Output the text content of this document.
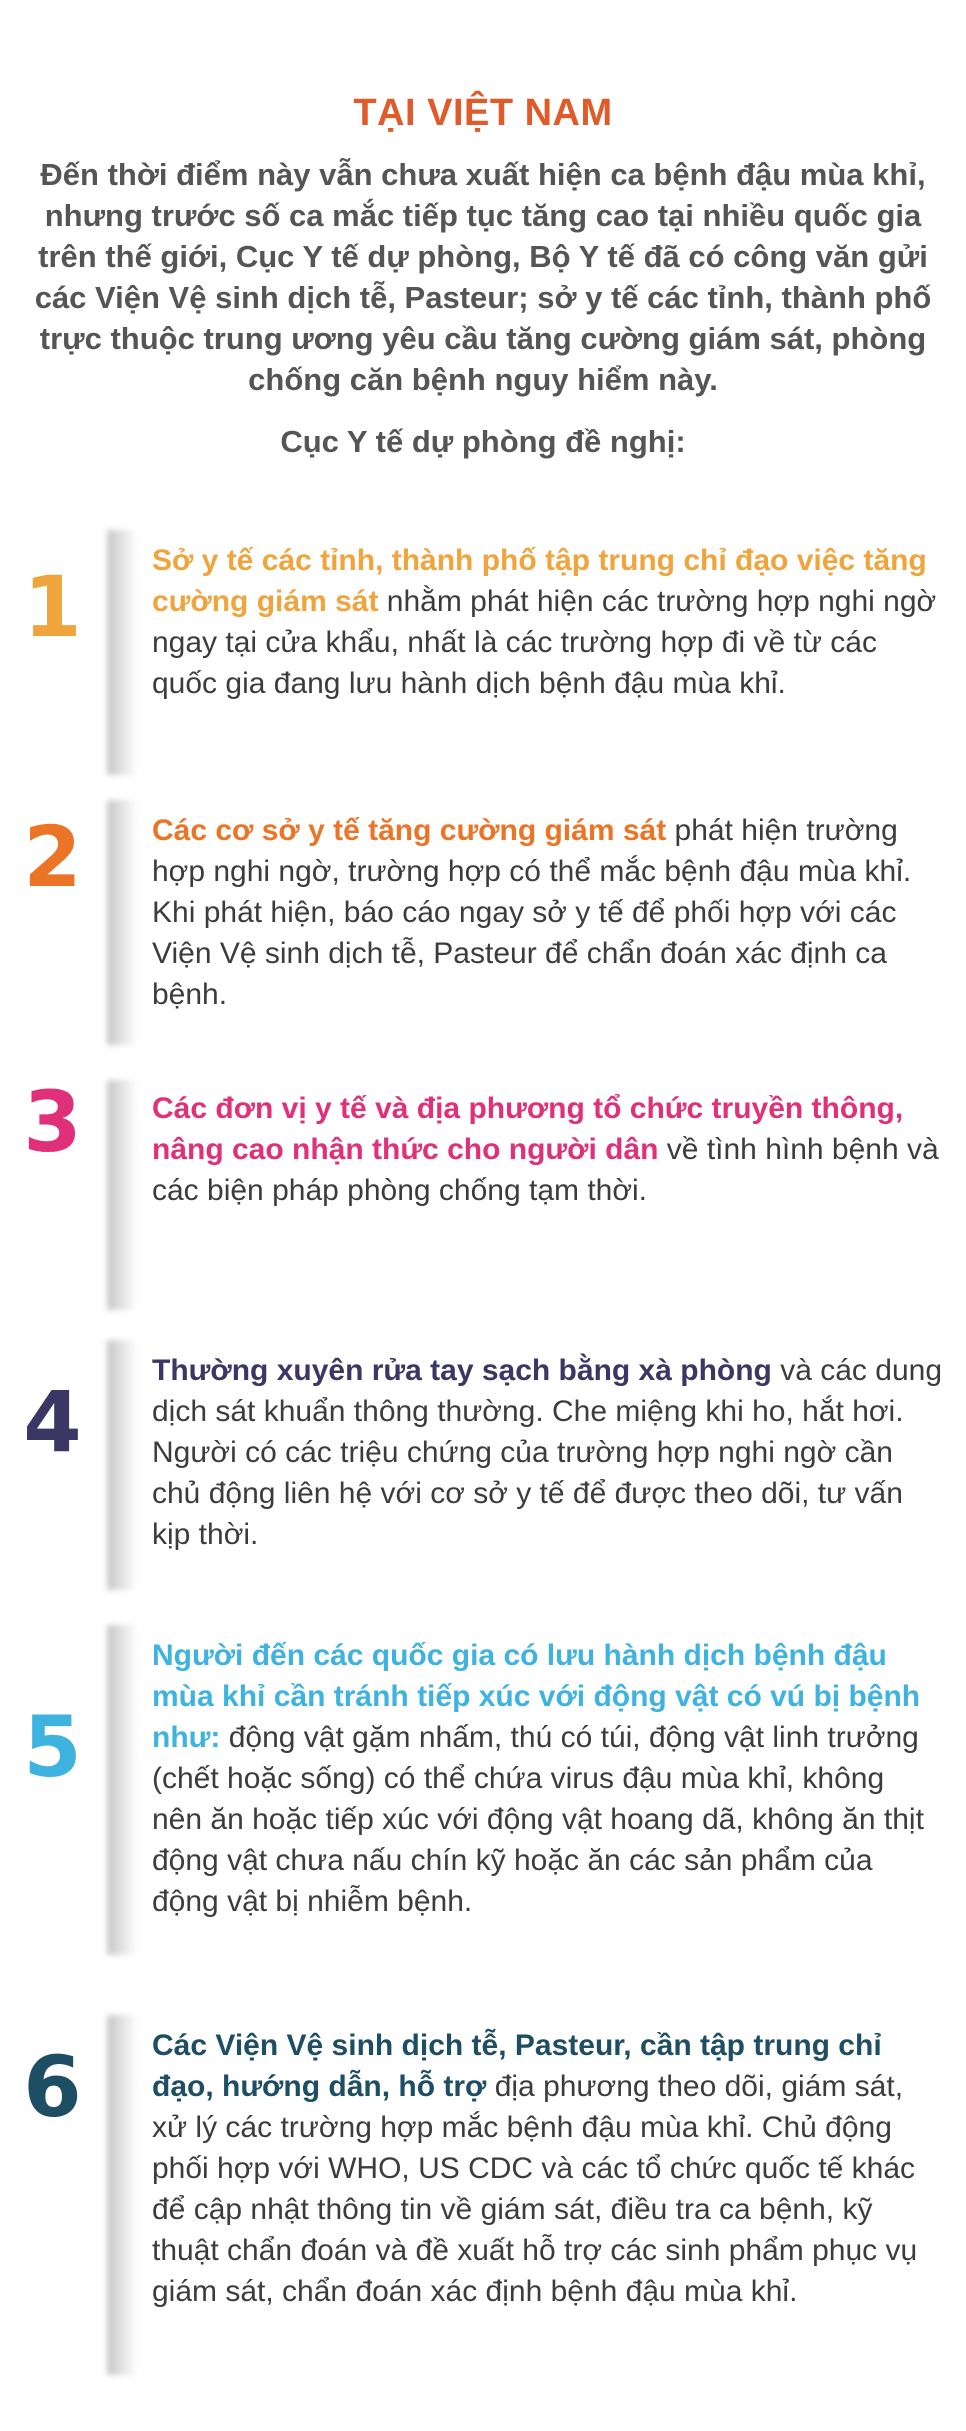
TẠI VIỆT NAM
Đến thời điểm này vẫn chưa xuất hiện ca bệnh đậu mùa khỉ, nhưng trước số ca mắc tiếp tục tăng cao tại nhiều quốc gia trên thế giới, Cục Y tế dự phòng, Bộ Y tế đã có công văn gửi các Viện Vệ sinh dịch tễ, Pasteur; sở y tế các tỉnh, thành phố trực thuộc trung ương yêu cầu tăng cường giám sát, phòng chống căn bệnh nguy hiểm này.
Cục Y tế dự phòng đề nghị:
1	Sở y tế các tỉnh, thành phố tập trung chỉ đạo việc tăng cường giám sát nhằm phát hiện các trường hợp nghi ngờ ngay tại cửa khẩu, nhất là các trường hợp đi về từ các quốc gia đang lưu hành dịch bệnh đậu mùa khỉ.
2	Các cơ sở y tế tăng cường giám sát phát hiện trường hợp nghi ngờ, trường hợp có thể mắc bệnh đậu mùa khỉ. Khi phát hiện, báo cáo ngay sở y tế để phối hợp với các Viện Vệ sinh dịch tễ, Pasteur để chẩn đoán xác định ca bệnh.
3	Các đơn vị y tế và địa phương tổ chức truyền thông, nâng cao nhận thức cho người dân về tình hình bệnh và các biện pháp phòng chống tạm thời.
4
Thường xuyên rửa tay sạch bằng xà phòng và các dung dịch sát khuẩn thông thường. Che miệng khi ho, hắt hơi. Người có các triệu chứng của trường hợp nghi ngờ cần chủ động liên hệ với cơ sở y tế để được theo dõi, tư vấn kịp thời.
5
Người đến các quốc gia có lưu hành dịch bệnh đậu mùa khỉ cần tránh tiếp xúc với động vật có vú bị bệnh như: động vật gặm nhấm, thú có túi, động vật linh trưởng (chết hoặc sống) có thể chứa virus đậu mùa khỉ, không nên ăn hoặc tiếp xúc với động vật hoang dã, không ăn thịt động vật chưa nấu chín kỹ hoặc ăn các sản phẩm của động vật bị nhiễm bệnh.
6	Các Viện Vệ sinh dịch tễ, Pasteur, cần tập trung chỉ đạo, hướng dẫn, hỗ trợ địa phương theo dõi, giám sát, xử lý các trường hợp mắc bệnh đậu mùa khỉ. Chủ động phối hợp với WHO, US CDC và các tổ chức quốc tế khác để cập nhật thông tin về giám sát, điều tra ca bệnh, kỹ thuật chẩn đoán và đề xuất hỗ trợ các sinh phẩm phục vụ giám sát, chẩn đoán xác định bệnh đậu mùa khỉ.
